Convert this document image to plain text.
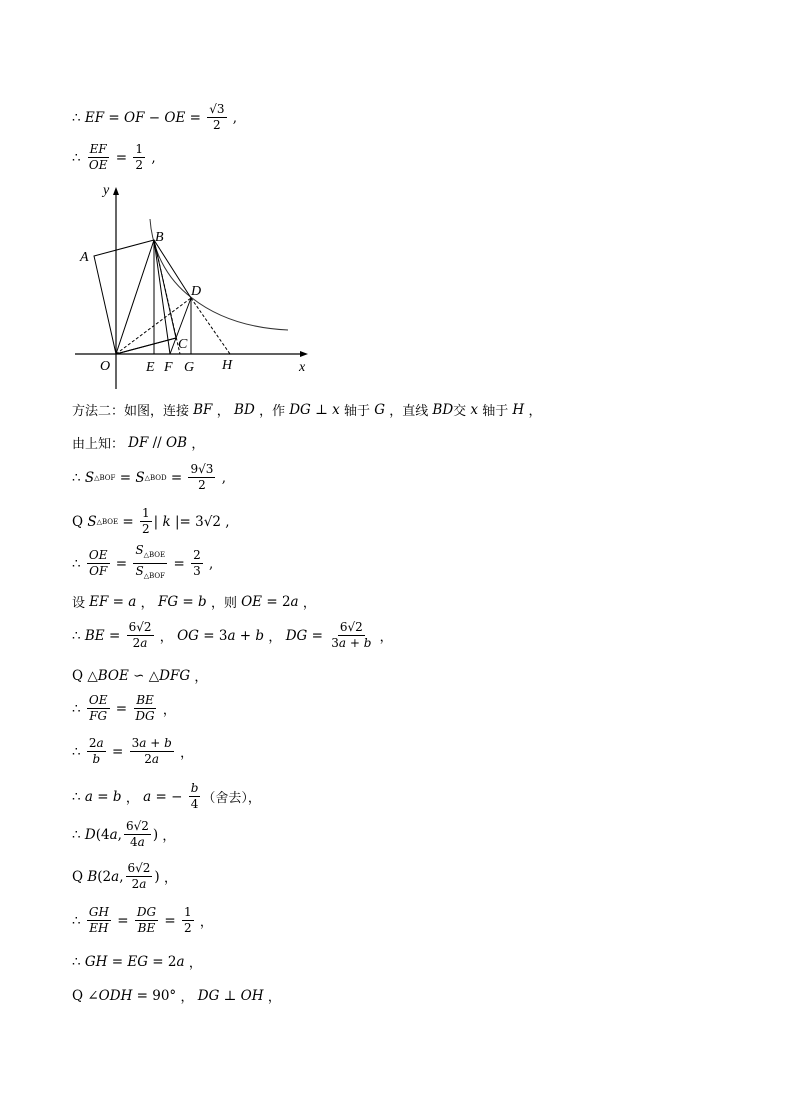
∴ EF = OF − OE = $\frac{√3}{2}$ ,
∴ $\frac{EF}{OE} = \frac{1}{2}$ ,
y
x
O
A
B
C
D
E F G H
方法二：如图，连接 BF
，
BD
，作 DG ⊥ x
轴于 G
，直线 BD 交 x
轴于 H
，
由上知： DF // OB
，
∴ S △BOF = S △BOD = $\frac{9√3}{2}$ ,
Q S △BOE = $\frac{1}{2}$ | k |= 3√2 ,
∴ $\frac{OE}{OF} = \frac{S_{\triangle BOE}}{S_{\triangle BOF}} = \frac{2}{3}$ ,
设 EF = a
，
FG = b
，则 OE = 2 a
，
∴ BE = $\frac{6√2}{2a}$
，
OG = 3 a + b
，
DG = $\frac{6√2}{3a + b}$
，
Q △ BOE ∽ △ DFG
，
∴ $\frac{OE}{FG} = \frac{BE}{DG}$
，
∴ $\frac{2a}{b} = \frac{3a + b}{2a}$
，
∴ a = b
，
a = − $\frac{b}{4}$ （舍去），
∴ D (4 a , $\frac{6√2}{4a}$ ) ，
Q B (2 a , $\frac{6√2}{2a}$ ) ，
∴ $\frac{GH}{EH} = \frac{DG}{BE} = \frac{1}{2}$
，
∴ GH = EG = 2 a
，
Q ∠ ODH = 90° ，
DG ⊥ OH
，
